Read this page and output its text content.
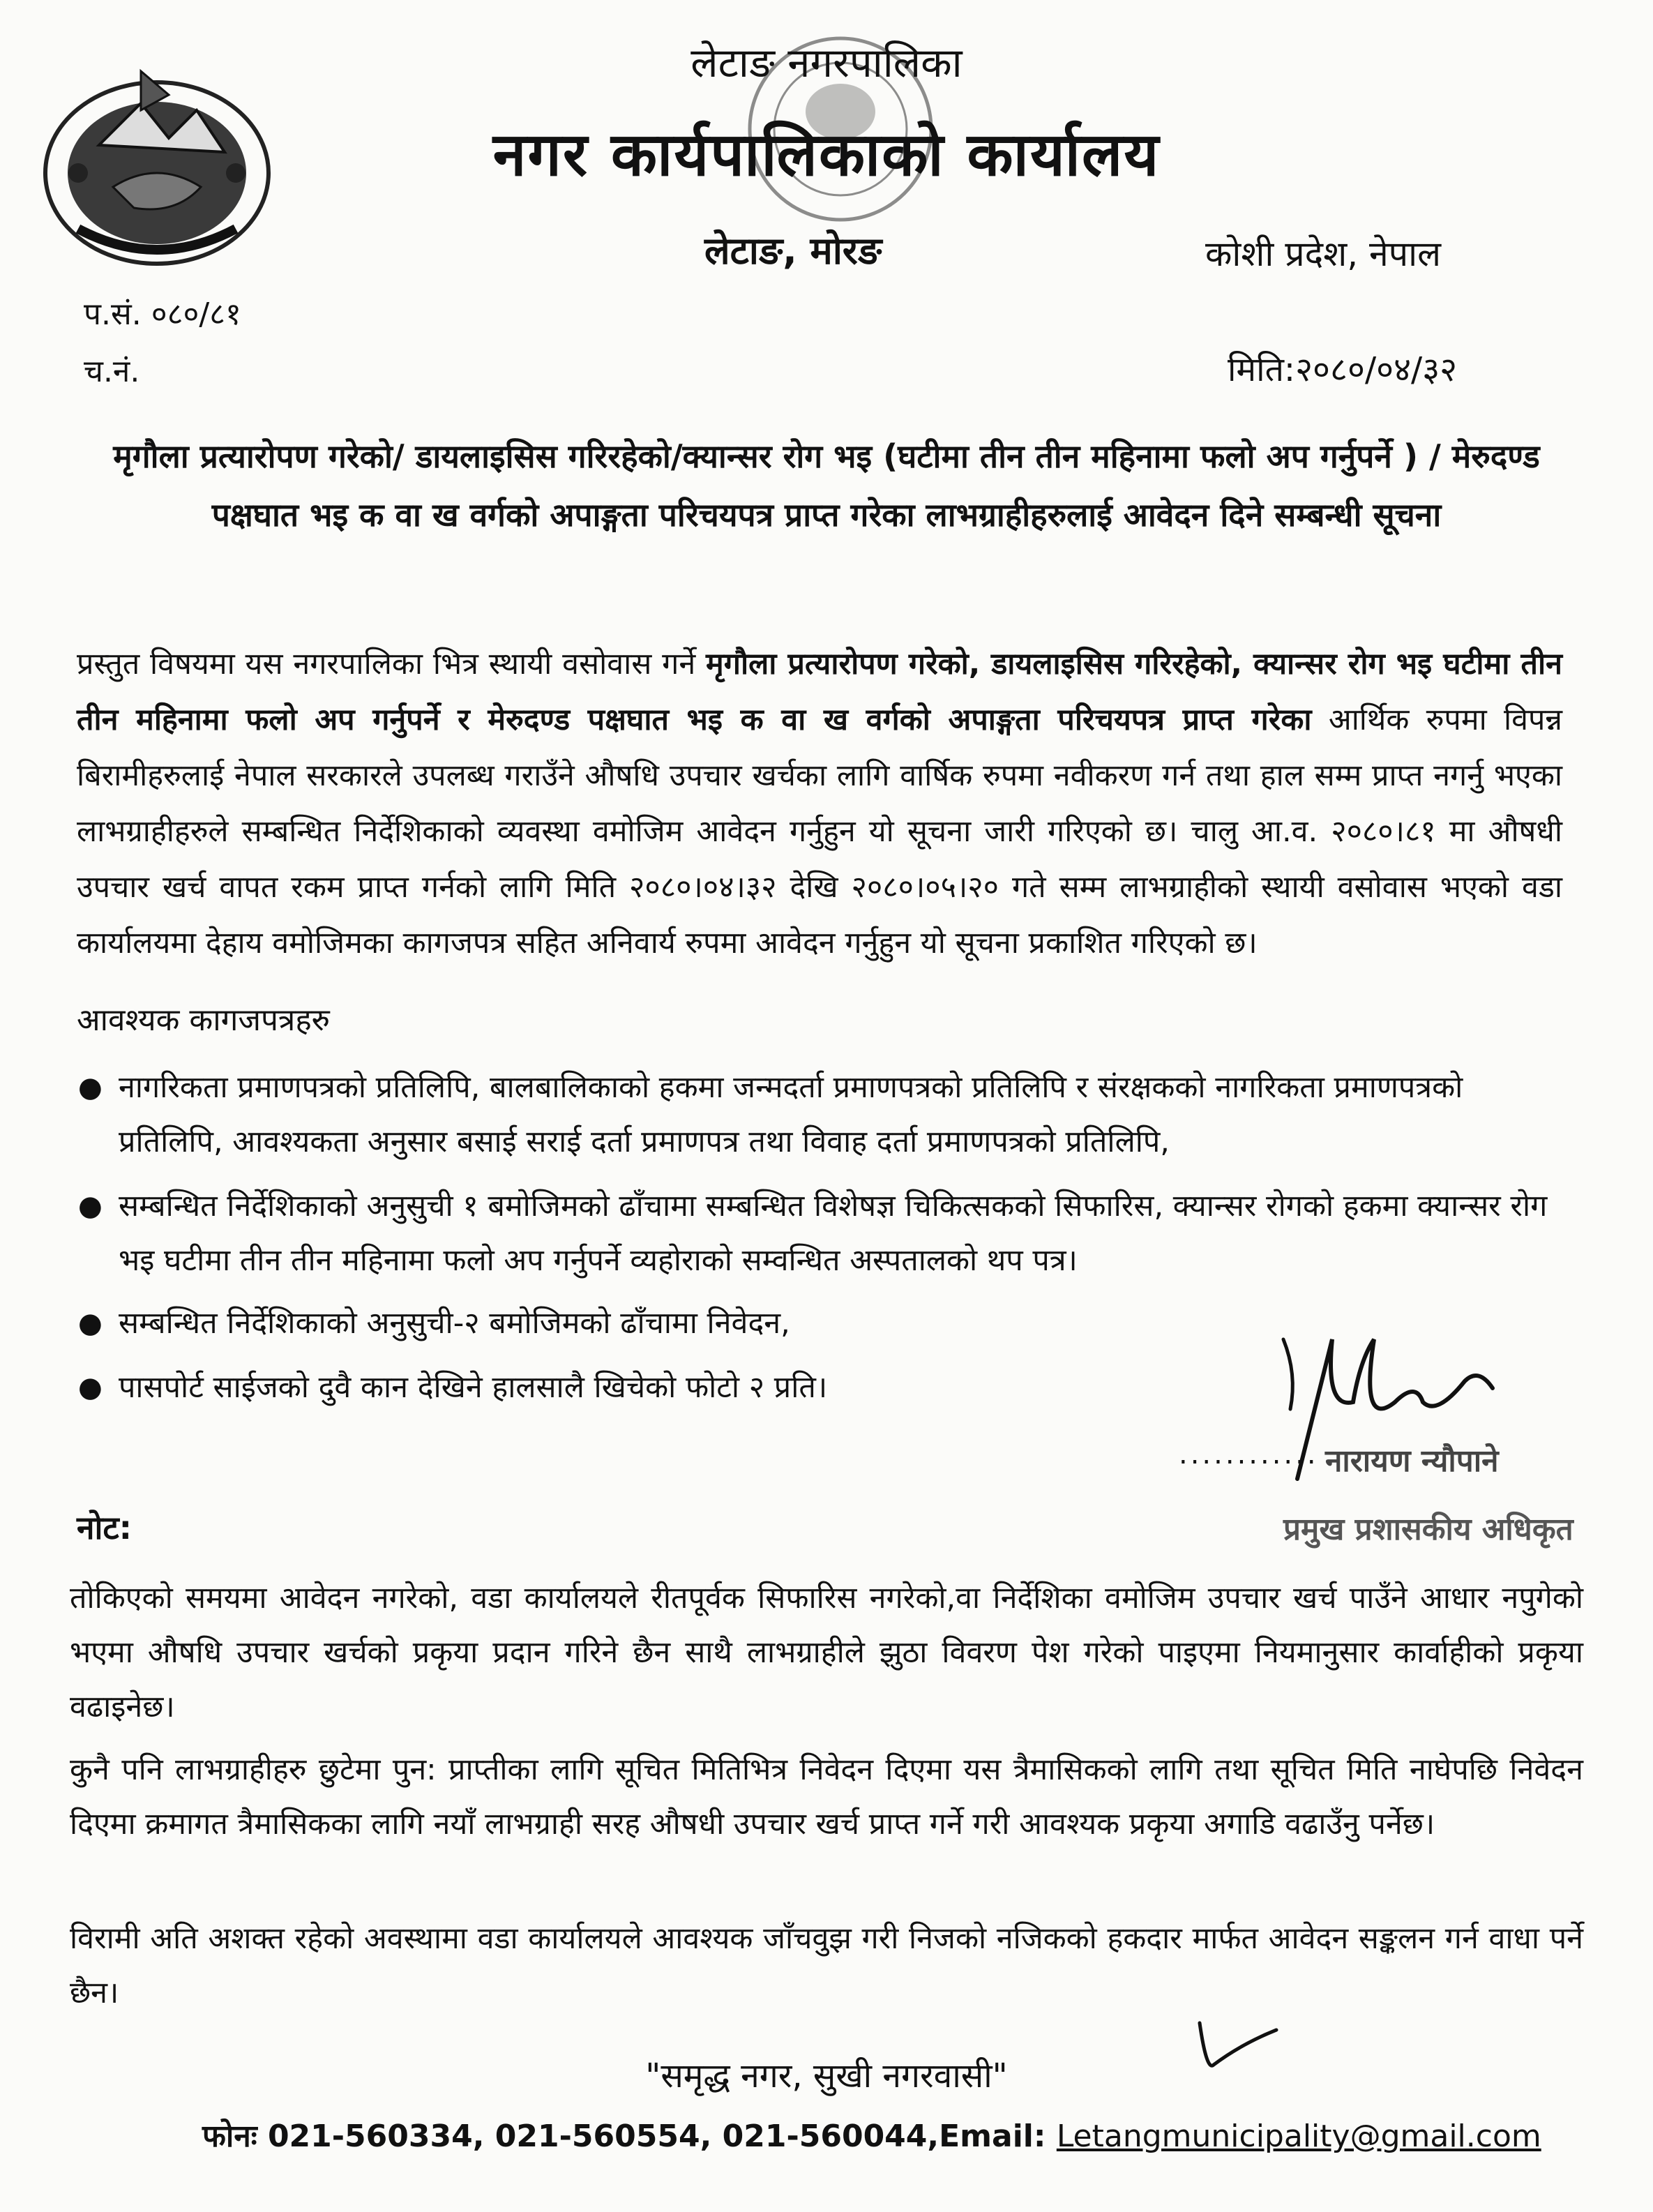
लेटाङ नगरपालिका
नगर कार्यपालिकाको कार्यालय
लेटाङ, मोरङ	कोशी प्रदेश, नेपाल
प.सं. ०८०/८१
च.नं.	मिति:२०८०/०४/३२
मृगौला प्रत्यारोपण गरेको/ डायलाइसिस गरिरहेको/क्यान्सर रोग भइ (घटीमा तीन तीन महिनामा फलो अप गर्नुपर्ने ) / मेरुदण्ड पक्षघात भइ क वा ख वर्गको अपाङ्गता परिचयपत्र प्राप्त गरेका लाभग्राहीहरुलाई आवेदन दिने सम्बन्धी सूचना
प्रस्तुत विषयमा यस नगरपालिका भित्र स्थायी वसोवास गर्ने मृगौला प्रत्यारोपण गरेको, डायलाइसिस गरिरहेको, क्यान्सर रोग भइ घटीमा तीन तीन महिनामा फलो अप गर्नुपर्ने र मेरुदण्ड पक्षघात भइ क वा ख वर्गको अपाङ्गता परिचयपत्र प्राप्त गरेका आर्थिक रुपमा विपन्न बिरामीहरुलाई नेपाल सरकारले उपलब्ध गराउँने औषधि उपचार खर्चका लागि वार्षिक रुपमा नवीकरण गर्न तथा हाल सम्म प्राप्त नगर्नु भएका लाभग्राहीहरुले सम्बन्धित निर्देशिकाको व्यवस्था वमोजिम आवेदन गर्नुहुन यो सूचना जारी गरिएको छ। चालु आ.व. २०८०।८१ मा औषधी उपचार खर्च वापत रकम प्राप्त गर्नको लागि मिति २०८०।०४।३२ देखि २०८०।०५।२० गते सम्म लाभग्राहीको स्थायी वसोवास भएको वडा कार्यालयमा देहाय वमोजिमका कागजपत्र सहित अनिवार्य रुपमा आवेदन गर्नुहुन यो सूचना प्रकाशित गरिएको छ।
आवश्यक कागजपत्रहरु
● नागरिकता प्रमाणपत्रको प्रतिलिपि, बालबालिकाको हकमा जन्मदर्ता प्रमाणपत्रको प्रतिलिपि र संरक्षकको नागरिकता प्रमाणपत्रको प्रतिलिपि, आवश्यकता अनुसार बसाई सराई दर्ता प्रमाणपत्र तथा विवाह दर्ता प्रमाणपत्रको प्रतिलिपि,
● सम्बन्धित निर्देशिकाको अनुसुची १ बमोजिमको ढाँचामा सम्बन्धित विशेषज्ञ चिकित्सकको सिफारिस, क्यान्सर रोगको हकमा क्यान्सर रोग भइ घटीमा तीन तीन महिनामा फलो अप गर्नुपर्ने व्यहोराको सम्वन्धित अस्पतालको थप पत्र।
● सम्बन्धित निर्देशिकाको अनुसुची-२ बमोजिमको ढाँचामा निवेदन,
● पासपोर्ट साईजको दुवै कान देखिने हालसालै खिचेको फोटो २ प्रति।
............ नारायण न्यौपाने
प्रमुख प्रशासकीय अधिकृत
नोट:
तोकिएको समयमा आवेदन नगरेको, वडा कार्यालयले रीतपूर्वक सिफारिस नगरेको,वा निर्देशिका वमोजिम उपचार खर्च पाउँने आधार नपुगेको भएमा औषधि उपचार खर्चको प्रकृया प्रदान गरिने छैन साथै लाभग्राहीले झुठा विवरण पेश गरेको पाइएमा नियमानुसार कार्वाहीको प्रकृया वढाइनेछ।
कुनै पनि लाभग्राहीहरु छुटेमा पुन: प्राप्तीका लागि सूचित मितिभित्र निवेदन दिएमा यस त्रैमासिकको लागि तथा सूचित मिति नाघेपछि निवेदन दिएमा क्रमागत त्रैमासिकका लागि नयाँ लाभग्राही सरह औषधी उपचार खर्च प्राप्त गर्ने गरी आवश्यक प्रकृया अगाडि वढाउँनु पर्नेछ।
विरामी अति अशक्त रहेको अवस्थामा वडा कार्यालयले आवश्यक जाँचवुझ गरी निजको नजिकको हकदार मार्फत आवेदन सङ्कलन गर्न वाधा पर्ने छैन।
"समृद्ध नगर, सुखी नगरवासी"
फोनः 021-560334, 021-560554, 021-560044,Email: Letangmunicipality@gmail.com
